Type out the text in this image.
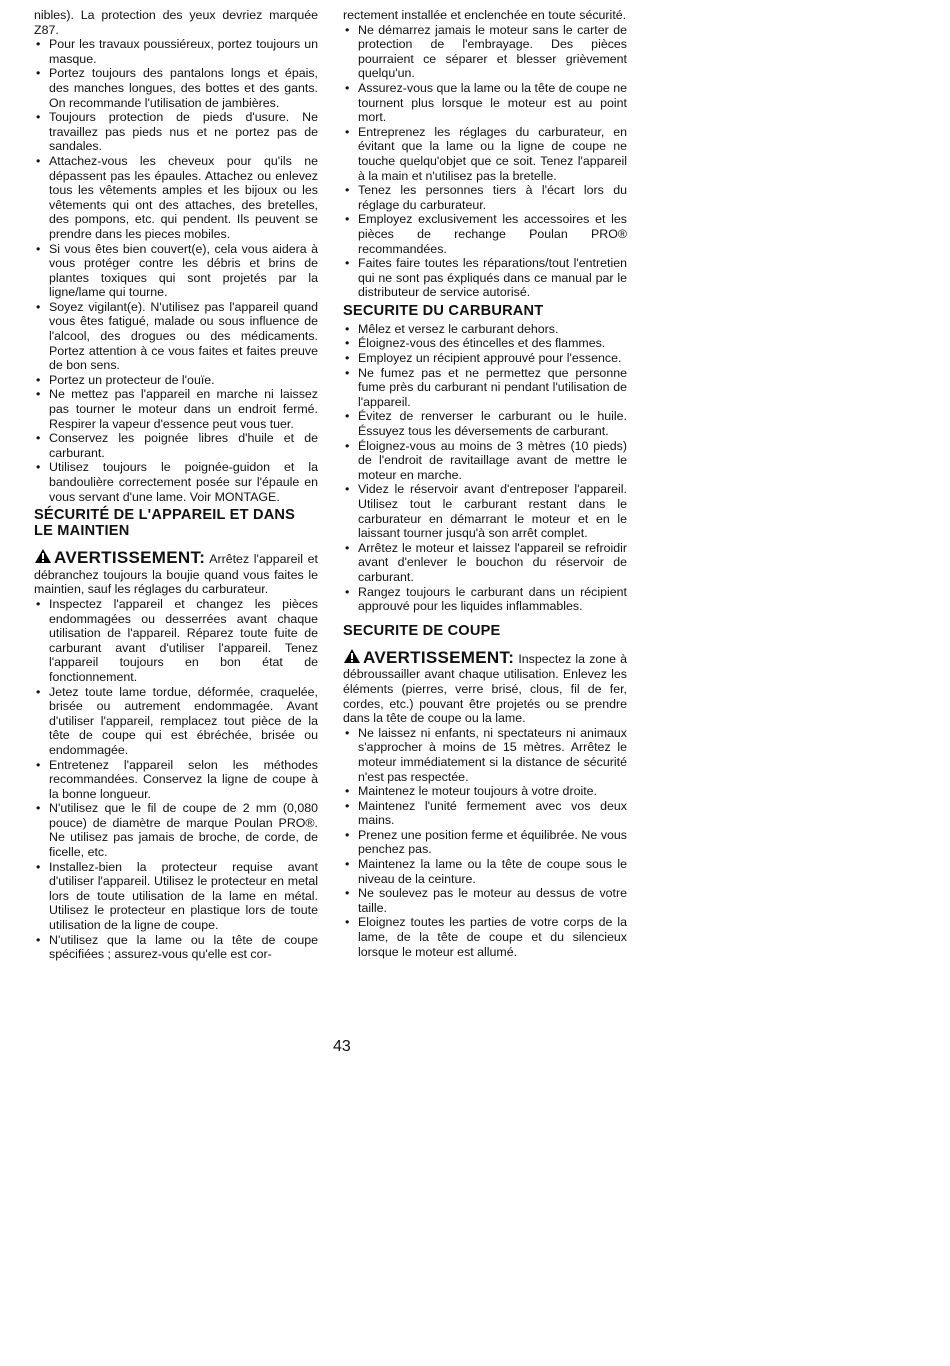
nibles). La protection des yeux devriez marquée Z87.

• Pour les travaux poussiéreux, portez toujours un masque.
• Portez toujours des pantalons longs et épais, des manches longues, des bottes et des gants. On recommande l'utilisation de jambières.
• Toujours protection de pieds d'usure. Ne travaillez pas pieds nus et ne portez pas de sandales.
• Attachez-vous les cheveux pour qu'ils ne dépassent pas les épaules. Attachez ou enlevez tous les vêtements amples et les bijoux ou les vêtements qui ont des attaches, des bretelles, des pompons, etc. qui pendent. Ils peuvent se prendre dans les pieces mobiles.
• Si vous êtes bien couvert(e), cela vous aidera à vous protéger contre les débris et brins de plantes toxiques qui sont projetés par la ligne/lame qui tourne.
• Soyez vigilant(e). N'utilisez pas l'appareil quand vous êtes fatigué, malade ou sous influence de l'alcool, des drogues ou des médicaments. Portez attention à ce vous faites et faites preuve de bon sens.
• Portez un protecteur de l'ouïe.
• Ne mettez pas l'appareil en marche ni laissez pas tourner le moteur dans un endroit fermé. Respirer la vapeur d'essence peut vous tuer.
• Conservez les poignée libres d'huile et de carburant.
• Utilisez toujours le poignée-guidon et la bandoulière correctement posée sur l'épaule en vous servant d'une lame. Voir MONTAGE.
SÉCURITÉ DE L'APPAREIL ET DANS LE MAINTIEN

AVERTISSEMENT: Arrêtez l'appareil et débranchez toujours la boujie quand vous faites le maintien, sauf les réglages du carburateur.

• Inspectez l'appareil et changez les pièces endommagées ou desserrées avant chaque utilisation de l'appareil. Réparez toute fuite de carburant avant d'utiliser l'appareil. Tenez l'appareil toujours en bon état de fonctionnement.
• Jetez toute lame tordue, déformée, craquelée, brisée ou autrement endommagée. Avant d'utiliser l'appareil, remplacez tout pièce de la tête de coupe qui est ébréchée, brisée ou endommagée.
• Entretenez l'appareil selon les méthodes recommandées. Conservez la ligne de coupe à la bonne longueur.
• N'utilisez que le fil de coupe de 2 mm (0,080 pouce) de diamètre de marque Poulan PRO®. Ne utilisez pas jamais de broche, de corde, de ficelle, etc.
• Installez-bien la protecteur requise avant d'utiliser l'appareil. Utilisez le protecteur en metal lors de toute utilisation de la lame en métal. Utilisez le protecteur en plastique lors de toute utilisation de la ligne de coupe.
• N'utilisez que la lame ou la tête de coupe spécifiées ; assurez-vous qu'elle est cor-

rectement installée et enclenchée en toute sécurité.

• Ne démarrez jamais le moteur sans le carter de protection de l'embrayage. Des pièces pourraient ce séparer et blesser grièvement quelqu'un.
• Assurez-vous que la lame ou la tête de coupe ne tournent plus lorsque le moteur est au point mort.
• Entreprenez les réglages du carburateur, en évitant que la lame ou la ligne de coupe ne touche quelqu'objet que ce soit. Tenez l'appareil à la main et n'utilisez pas la bretelle.
• Tenez les personnes tiers à l'écart lors du réglage du carburateur.
• Employez exclusivement les accessoires et les pièces de rechange Poulan PRO® recommandées.
• Faites faire toutes les réparations/tout l'entretien qui ne sont pas éxpliqués dans ce manual par le distributeur de service autorisé.
SECURITE DU CARBURANT
• Mêlez et versez le carburant dehors.
• Éloignez-vous des étincelles et des flammes.
• Employez un récipient approuvé pour l'essence.
• Ne fumez pas et ne permettez que personne fume près du carburant ni pendant l'utilisation de l'appareil.
• Évitez de renverser le carburant ou le huile. Éssuyez tous les déversements de carburant.
• Éloignez-vous au moins de 3 mètres (10 pieds) de l'endroit de ravitaillage avant de mettre le moteur en marche.
• Videz le réservoir avant d'entreposer l'appareil. Utilisez tout le carburant restant dans le carburateur en démarrant le moteur et en le laissant tourner jusqu'à son arrêt complet.
• Arrêtez le moteur et laissez l'appareil se refroidir avant d'enlever le bouchon du réservoir de carburant.
• Rangez toujours le carburant dans un récipient approuvé pour les liquides inflammables.
SECURITE DE COUPE

AVERTISSEMENT: Inspectez la zone à débroussailler avant chaque utilisation. Enlevez les éléments (pierres, verre brisé, clous, fil de fer, cordes, etc.) pouvant être projetés ou se prendre dans la tête de coupe ou la lame.

• Ne laissez ni enfants, ni spectateurs ni animaux s'approcher à moins de 15 mètres. Arrêtez le moteur immédiatement si la distance de sécurité n'est pas respectée.
• Maintenez le moteur toujours à votre droite.
• Maintenez l'unité fermement avec vos deux mains.
• Prenez une position ferme et équilibrée. Ne vous penchez pas.
• Maintenez la lame ou la tête de coupe sous le niveau de la ceinture.
• Ne soulevez pas le moteur au dessus de votre taille.
• Eloignez toutes les parties de votre corps de la lame, de la tête de coupe et du silencieux lorsque le moteur est allumé.
43
